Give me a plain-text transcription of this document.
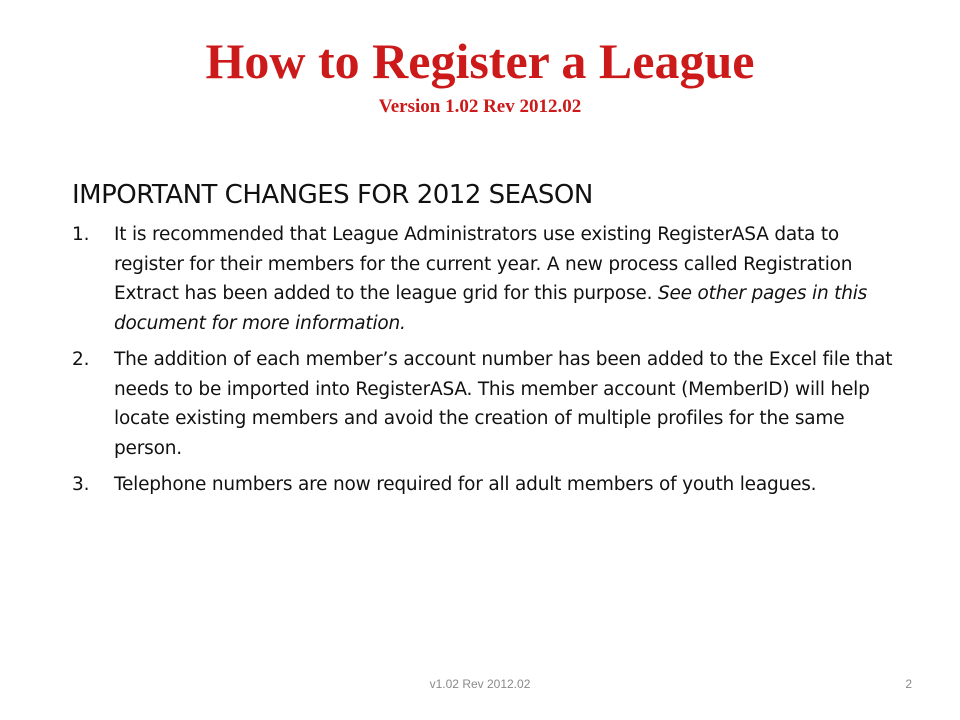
How to Register a League
Version 1.02 Rev 2012.02
IMPORTANT CHANGES FOR 2012 SEASON
1. It is recommended that League Administrators use existing RegisterASA data to register for their members for the current year. A new process called Registration Extract has been added to the league grid for this purpose. See other pages in this document for more information.
2. The addition of each member’s account number has been added to the Excel file that needs to be imported into RegisterASA. This member account (MemberID) will help locate existing members and avoid the creation of multiple profiles for the same person.
3. Telephone numbers are now required for all adult members of youth leagues.
v1.02 Rev 2012.02	2
